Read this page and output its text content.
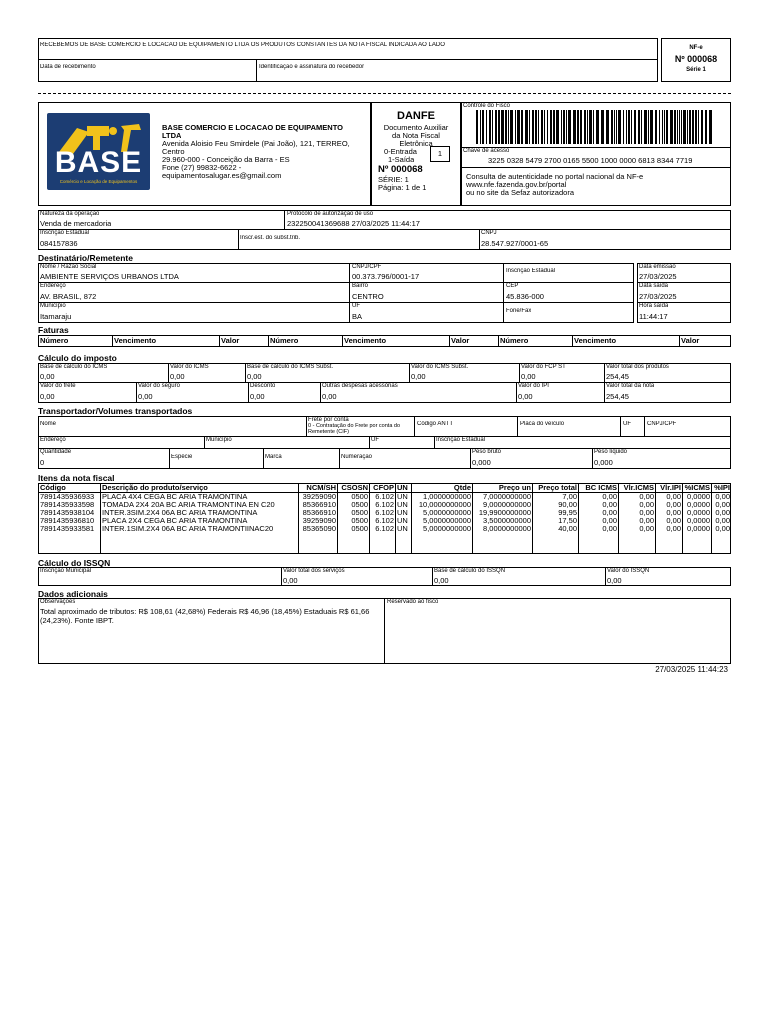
RECEBEMOS DE BASE COMERCIO E LOCACAO DE EQUIPAMENTO LTDA OS PRODUTOS CONSTANTES DA NOTA FISCAL INDICADA AO LADO
Data de recebimento	Identificação e assinatura do recebedor
NF-e
Nº 000068
Série 1
BASE
Comércio e Locação de Equipamentos
BASE COMERCIO E LOCACAO DE EQUIPAMENTO
LTDA
Avenida Aloisio Feu Smirdele (Pai João), 121, TERREO,
Centro
29.960-000 - Conceição da Barra - ES
Fone (27) 99832-6622 -
equipamentosalugar.es@gmail.com
DANFE
Documento Auxiliar
da Nota Fiscal
Eletrônica
0-Entrada
1-Saída
1
Nº 000068
SÉRIE: 1
Página: 1 de 1
Controle do Fisco
Chave de acesso
3225 0328 5479 2700 0165 5500 1000 0000 6813 8344 7719
Consulta de autenticidade no portal nacional da NF-e
www.nfe.fazenda.gov.br/portal
ou no site da Sefaz autorizadora
Natureza da operação
Venda de mercadoria
Protocolo de autorização de uso
232250041369688 27/03/2025 11:44:17
Inscrição Estadual
084157836
Inscr.est. do subst.trib.
CNPJ
28.547.927/0001-65
Destinatário/Remetente
Nome / Razão Social
AMBIENTE SERVIÇOS URBANOS LTDA
CNPJ/CPF
00.373.796/0001-17
Inscrição Estadual
Data emissão
27/03/2025
Endereço
AV. BRASIL, 872
Bairro
CENTRO
CEP
45.836-000
Data saída
27/03/2025
Município
Itamaraju
UF
BA
Fone/Fax
Hora saída
11:44:17
Faturas
Número	Vencimento	Valor	Número	Vencimento	Valor	Número	Vencimento	Valor
Cálculo do imposto
Base de cálculo do ICMS
0,00
Valor do ICMS
0,00
Base de cálculo do ICMS Subst.
0,00
Valor do ICMS Subst.
0,00
Valor do FCP ST
0,00
Valor total dos produtos
254,45
Valor do frete
0,00
Valor do seguro
0,00
Desconto
0,00
Outras despesas acessórias
0,00
Valor do IPI
0,00
Valor total da nota
254,45
Transportador/Volumes transportados
Nome
Frete por conta
0 - Contratação do Frete por conta do Remetente (CIF)
Código ANTT	Placa do veículo	UF	CNPJ/CPF
Endereço	Município	UF	Inscrição Estadual
Quantidade
0
Espécie	Marca	Numeração
Peso bruto
0,000
Peso líquido
0,000
Itens da nota fiscal
Código	Descrição do produto/serviço	NCM/SH CSOSN CFOP UN	Qtde	Preço un Preço total	BC ICMS Vlr.ICMS Vlr.IPI %ICMS %IPI
7891435936933	PLACA 4X4 CEGA BC ARIA TRAMONTINA	39259090	0500 6.102 UN	1,0000000000	7,0000000000	7,00	0,00	0,00	0,00 0,0000 0,00
7891435933598	TOMADA 2X4 20A BC ARIA TRAMONTINA EN C20	85366910	0500 6.102 UN	10,0000000000	9,0000000000	90,00	0,00	0,00	0,00 0,0000 0,00
7891435938104	INTER.3SIM.2X4 06A BC ARIA TRAMONTINA	85366910	0500 6.102 UN	5,0000000000	19,9900000000	99,95	0,00	0,00	0,00 0,0000 0,00
7891435936810	PLACA 2X4 CEGA BC ARIA TRAMONTINA	39259090	0500 6.102 UN	5,0000000000	3,5000000000	17,50	0,00	0,00	0,00 0,0000 0,00
7891435933581	INTER.1SIM.2X4 06A BC ARIA TRAMONTIINAC20	85365090	0500 6.102 UN	5,0000000000	8,0000000000	40,00	0,00	0,00	0,00 0,0000 0,00
Cálculo do ISSQN
Inscrição Municipal	Valor total dos serviços
0,00
Base de cálculo do ISSQN
0,00
Valor do ISSQN
0,00
Dados adicionais
Observações
Total aproximado de tributos: R$ 108,61 (42,68%) Federais R$ 46,96 (18,45%) Estaduais R$ 61,66 (24,23%). Fonte IBPT.
Reservado ao fisco
27/03/2025 11:44:23
